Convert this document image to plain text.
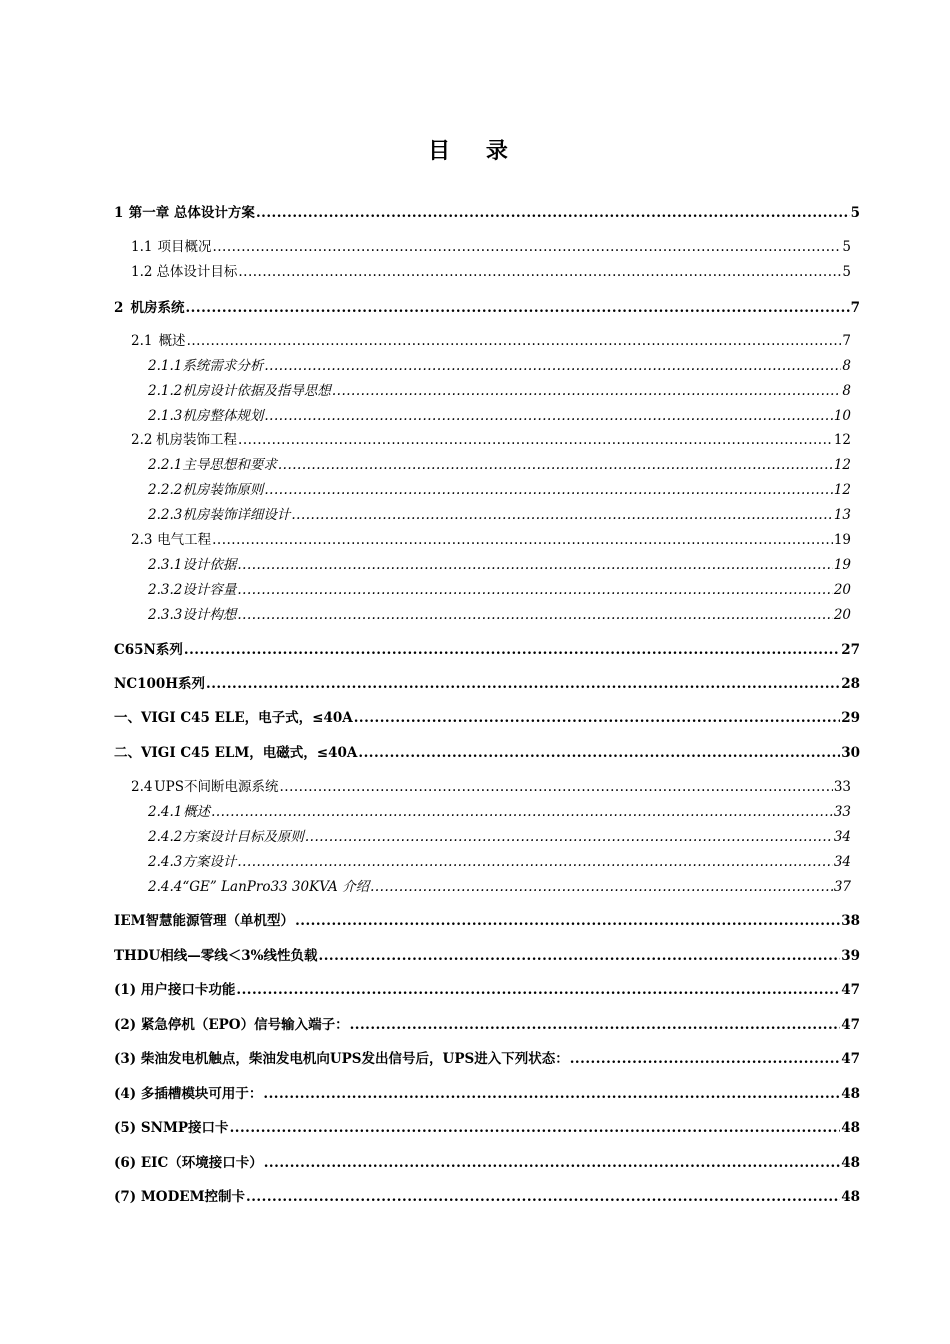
目 录
1 第一章 总体设计方案 .....	5
1.1 项目概况 .....	5
1.2 总体设计目标 .....	5
2 机房系统 .....	7
2.1 概述 .....	7
2.1.1 系统需求分析 .....	8
2.1.2 机房设计依据及指导思想 .....	8
2.1.3 机房整体规划 .....	10
2.2 机房装饰工程 .....	12
2.2.1 主导思想和要求 .....	12
2.2.2 机房装饰原则 .....	12
2.2.3 机房装饰详细设计 .....	13
2.3 电气工程 .....	19
2.3.1 设计依据 .....	19
2.3.2 设计容量 .....	20
2.3.3 设计构想 .....	20
C65N系列 .....	27
NC100H系列 .....	28
一、VIGI C45 ELE，电子式，≤40A .....	29
二、VIGI C45 ELM，电磁式，≤40A .....	30
2.4 UPS不间断电源系统 .....	33
2.4.1 概述 .....	33
2.4.2 方案设计目标及原则 .....	34
2.4.3 方案设计 .....	34
2.4.4 “GE” LanPro33 30KVA 介绍 .....	37
IEM智慧能源管理（单机型） .....	38
THDU相线—零线＜3%线性负载 .....	39
(1) 用户接口卡功能 .....	47
(2) 紧急停机（EPO）信号输入端子： .....	47
(3) 柴油发电机触点，柴油发电机向UPS发出信号后，UPS进入下列状态： .....	47
(4) 多插槽模块可用于： .....	48
(5) SNMP接口卡 .....	48
(6) EIC（环境接口卡） .....	48
(7) MODEM控制卡 .....	48
